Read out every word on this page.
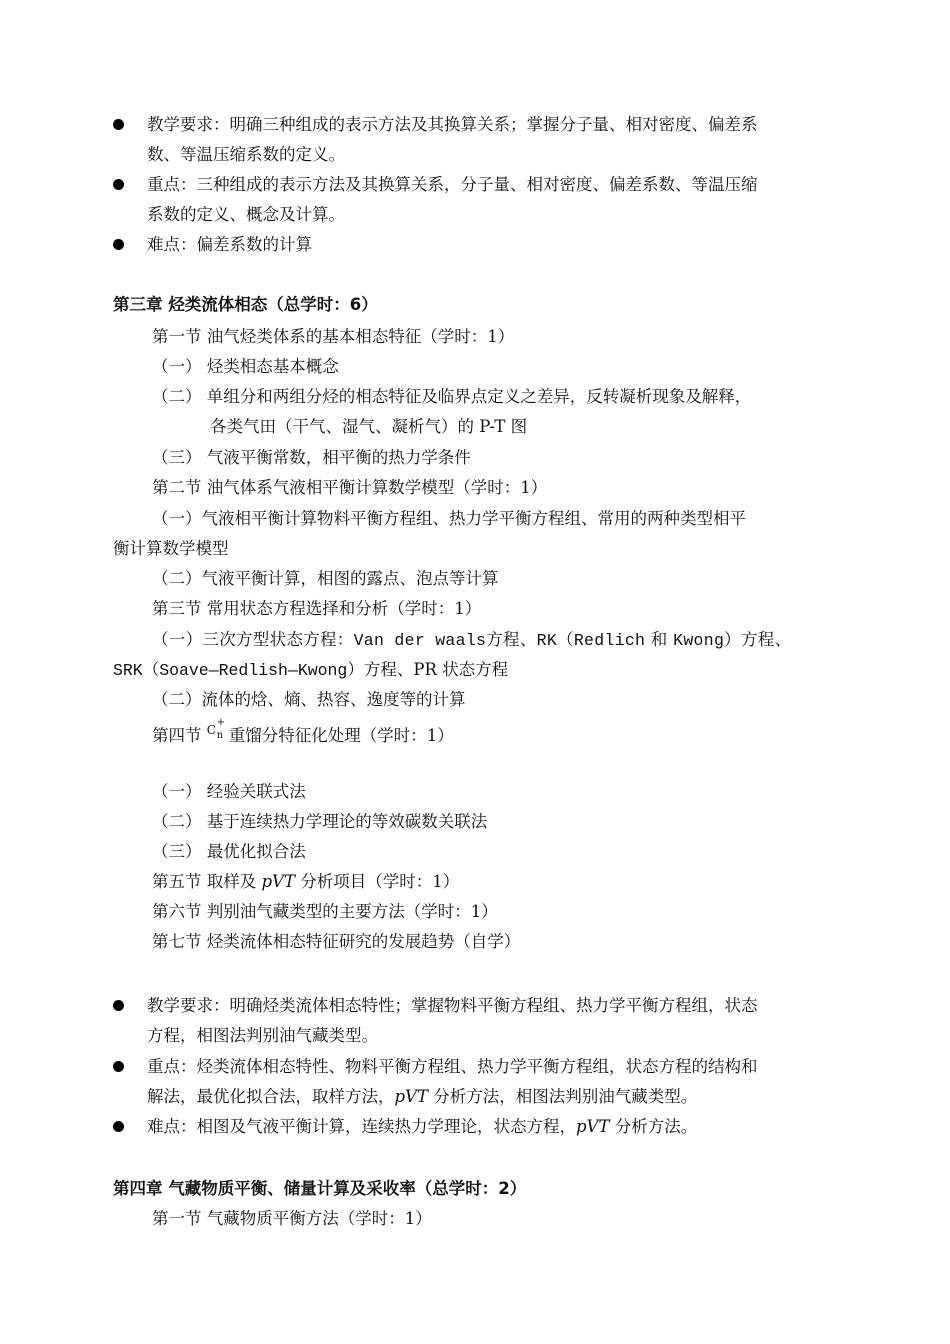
教学要求：明确三种组成的表示方法及其换算关系；掌握分子量、相对密度、偏差系
数、等温压缩系数的定义。
重点：三种组成的表示方法及其换算关系，分子量、相对密度、偏差系数、等温压缩
系数的定义、概念及计算。
难点：偏差系数的计算
第三章 烃类流体相态（总学时：6）
第一节 油气烃类体系的基本相态特征（学时：1）
（一） 烃类相态基本概念
（二） 单组分和两组分烃的相态特征及临界点定义之差异，反转凝析现象及解释，
各类气田（干气、湿气、凝析气）的 P-T 图
（三） 气液平衡常数，相平衡的热力学条件
第二节 油气体系气液相平衡计算数学模型（学时：1）
（一）气液相平衡计算物料平衡方程组、热力学平衡方程组、常用的两种类型相平
衡计算数学模型
（二）气液平衡计算，相图的露点、泡点等计算
第三节 常用状态方程选择和分析（学时：1）
（一）三次方型状态方程：Van der waals方程、RK（Redlich 和 Kwong）方程、
SRK（Soave—Redlish—Kwong）方程、PR 状态方程
（二）流体的焓、熵、热容、逸度等的计算
第四节 C
+
n 重馏分特征化处理（学时：1）
（一） 经验关联式法
（二） 基于连续热力学理论的等效碳数关联法
（三） 最优化拟合法
第五节 取样及 pVT 分析项目（学时：1）
第六节 判别油气藏类型的主要方法（学时：1）
第七节 烃类流体相态特征研究的发展趋势（自学）
教学要求：明确烃类流体相态特性；掌握物料平衡方程组、热力学平衡方程组，状态
方程，相图法判别油气藏类型。
重点：烃类流体相态特性、物料平衡方程组、热力学平衡方程组，状态方程的结构和
解法，最优化拟合法，取样方法，pVT 分析方法，相图法判别油气藏类型。
难点：相图及气液平衡计算，连续热力学理论，状态方程，pVT 分析方法。
第四章 气藏物质平衡、储量计算及采收率（总学时：2）
第一节 气藏物质平衡方法（学时：1）
